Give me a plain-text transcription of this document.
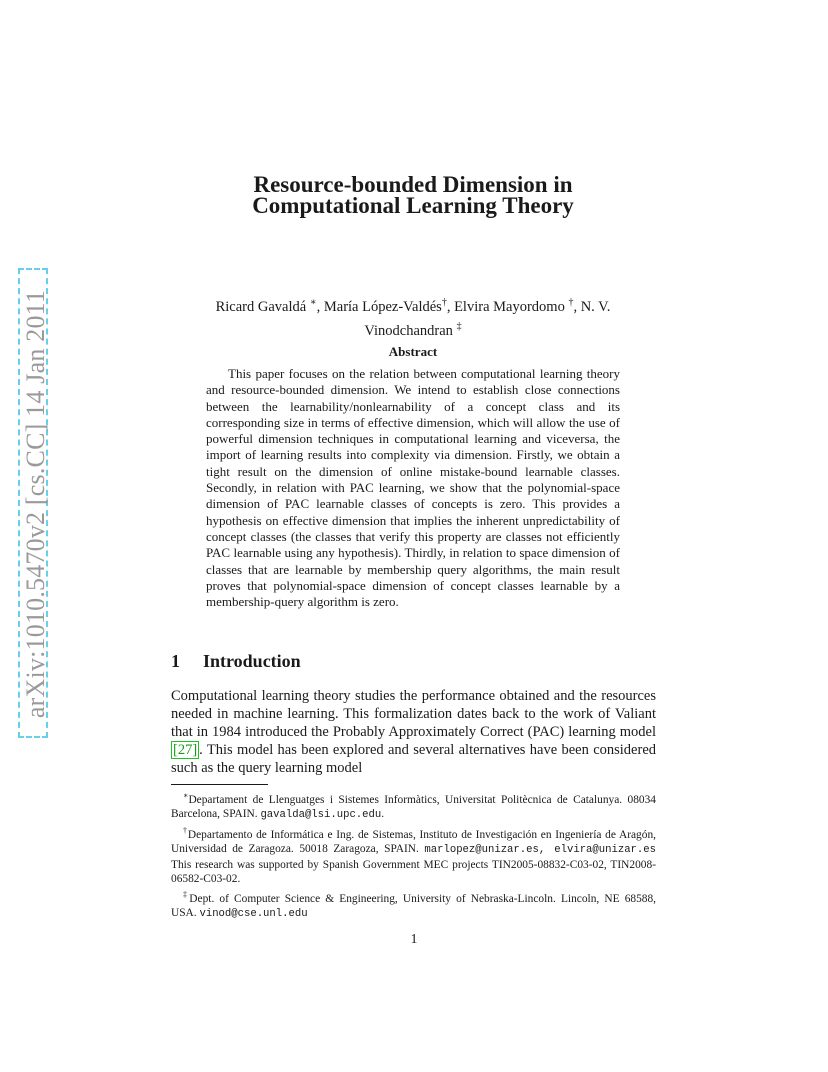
arXiv:1010.5470v2 [cs.CC] 14 Jan 2011
Resource-bounded Dimension in
Computational Learning Theory
Ricard Gavaldá ∗, María López-Valdés†, Elvira Mayordomo †, N. V.
Vinodchandran ‡
Abstract
This paper focuses on the relation between computational learning theory and resource-bounded dimension. We intend to establish close connections between the learnability/nonlearnability of a concept class and its corresponding size in terms of effective dimension, which will allow the use of powerful dimension techniques in computational learning and viceversa, the import of learning results into complexity via dimension. Firstly, we obtain a tight result on the dimension of online mistake-bound learnable classes. Secondly, in relation with PAC learning, we show that the polynomial-space dimension of PAC learnable classes of concepts is zero. This provides a hypothesis on effective dimension that implies the inherent unpredictability of concept classes (the classes that verify this property are classes not efficiently PAC learnable using any hypothesis). Thirdly, in relation to space dimension of classes that are learnable by membership query algorithms, the main result proves that polynomial-space dimension of concept classes learnable by a membership-query algorithm is zero.
1 Introduction
Computational learning theory studies the performance obtained and the resources needed in machine learning. This formalization dates back to the work of Valiant that in 1984 introduced the Probably Approximately Correct (PAC) learning model [27] . This model has been explored and several alternatives have been considered such as the query learning model
∗Departament de Llenguatges i Sistemes Informàtics, Universitat Politècnica de Catalunya. 08034 Barcelona, SPAIN. gavalda@lsi.upc.edu.
†Departamento de Informática e Ing. de Sistemas, Instituto de Investigación en Ingeniería de Aragón, Universidad de Zaragoza. 50018 Zaragoza, SPAIN. marlopez@unizar.es, elvira@unizar.es This research was supported by Spanish Government MEC projects TIN2005-08832-C03-02, TIN2008-06582-C03-02.
‡Dept. of Computer Science & Engineering, University of Nebraska-Lincoln. Lincoln, NE 68588, USA. vinod@cse.unl.edu
1
